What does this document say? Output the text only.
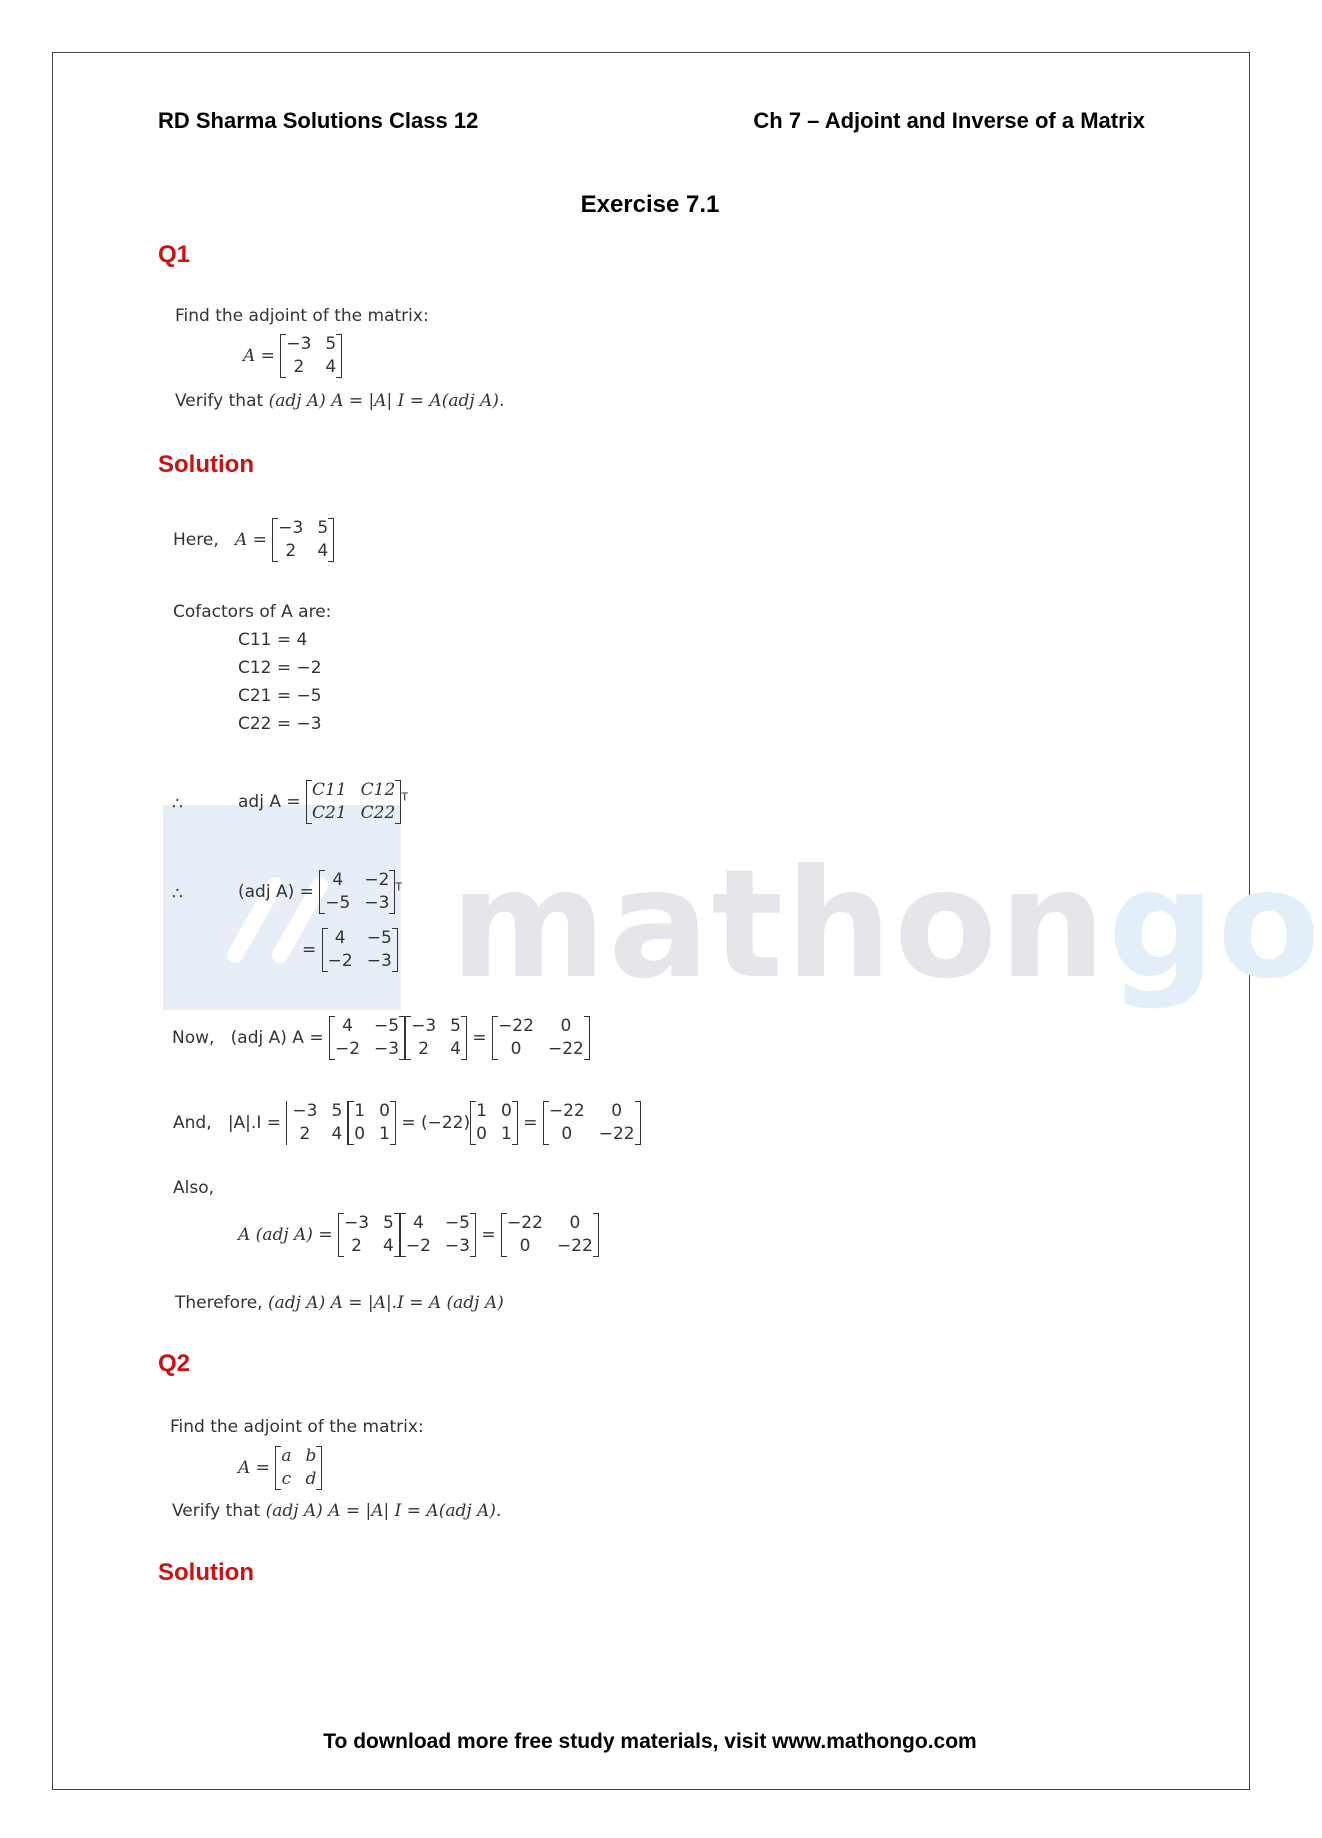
RD Sharma Solutions Class 12	Ch 7 – Adjoint and Inverse of a Matrix
Exercise 7.1
mathongo
Q1
Find the adjoint of the matrix:
A =
−3 5
2	4
Verify that (adj A) A = |A| I = A(adj A).
Solution
Here, A =
−3 5
2	4
Cofactors of A are:
C11 = 4
C12 = −2
C21 = −5
C22 = −3
∴	adj A =
C11 C12
C21 C22
$^T$
∴	(adj A) =
4	−2
−5 −3
$^T$
=
4	−5
−2 −3
Now, (adj A) A =
4	−5
−2 −3
−3 5
2	4
=
−22	0
0	−22
And, |A|.I =
−3 5
2	4
1 0
0 1
= (−22)
1 0
0 1
=
−22	0
0	−22
Also,
A (adj A) =
−3 5
2	4
4	−5
−2 −3
=
−22	0
0	−22
Therefore, (adj A) A = |A|.I = A (adj A)
Q2
Find the adjoint of the matrix:
A =
a b
c d
Verify that (adj A) A = |A| I = A(adj A).
Solution
To download more free study materials, visit www.mathongo.com
